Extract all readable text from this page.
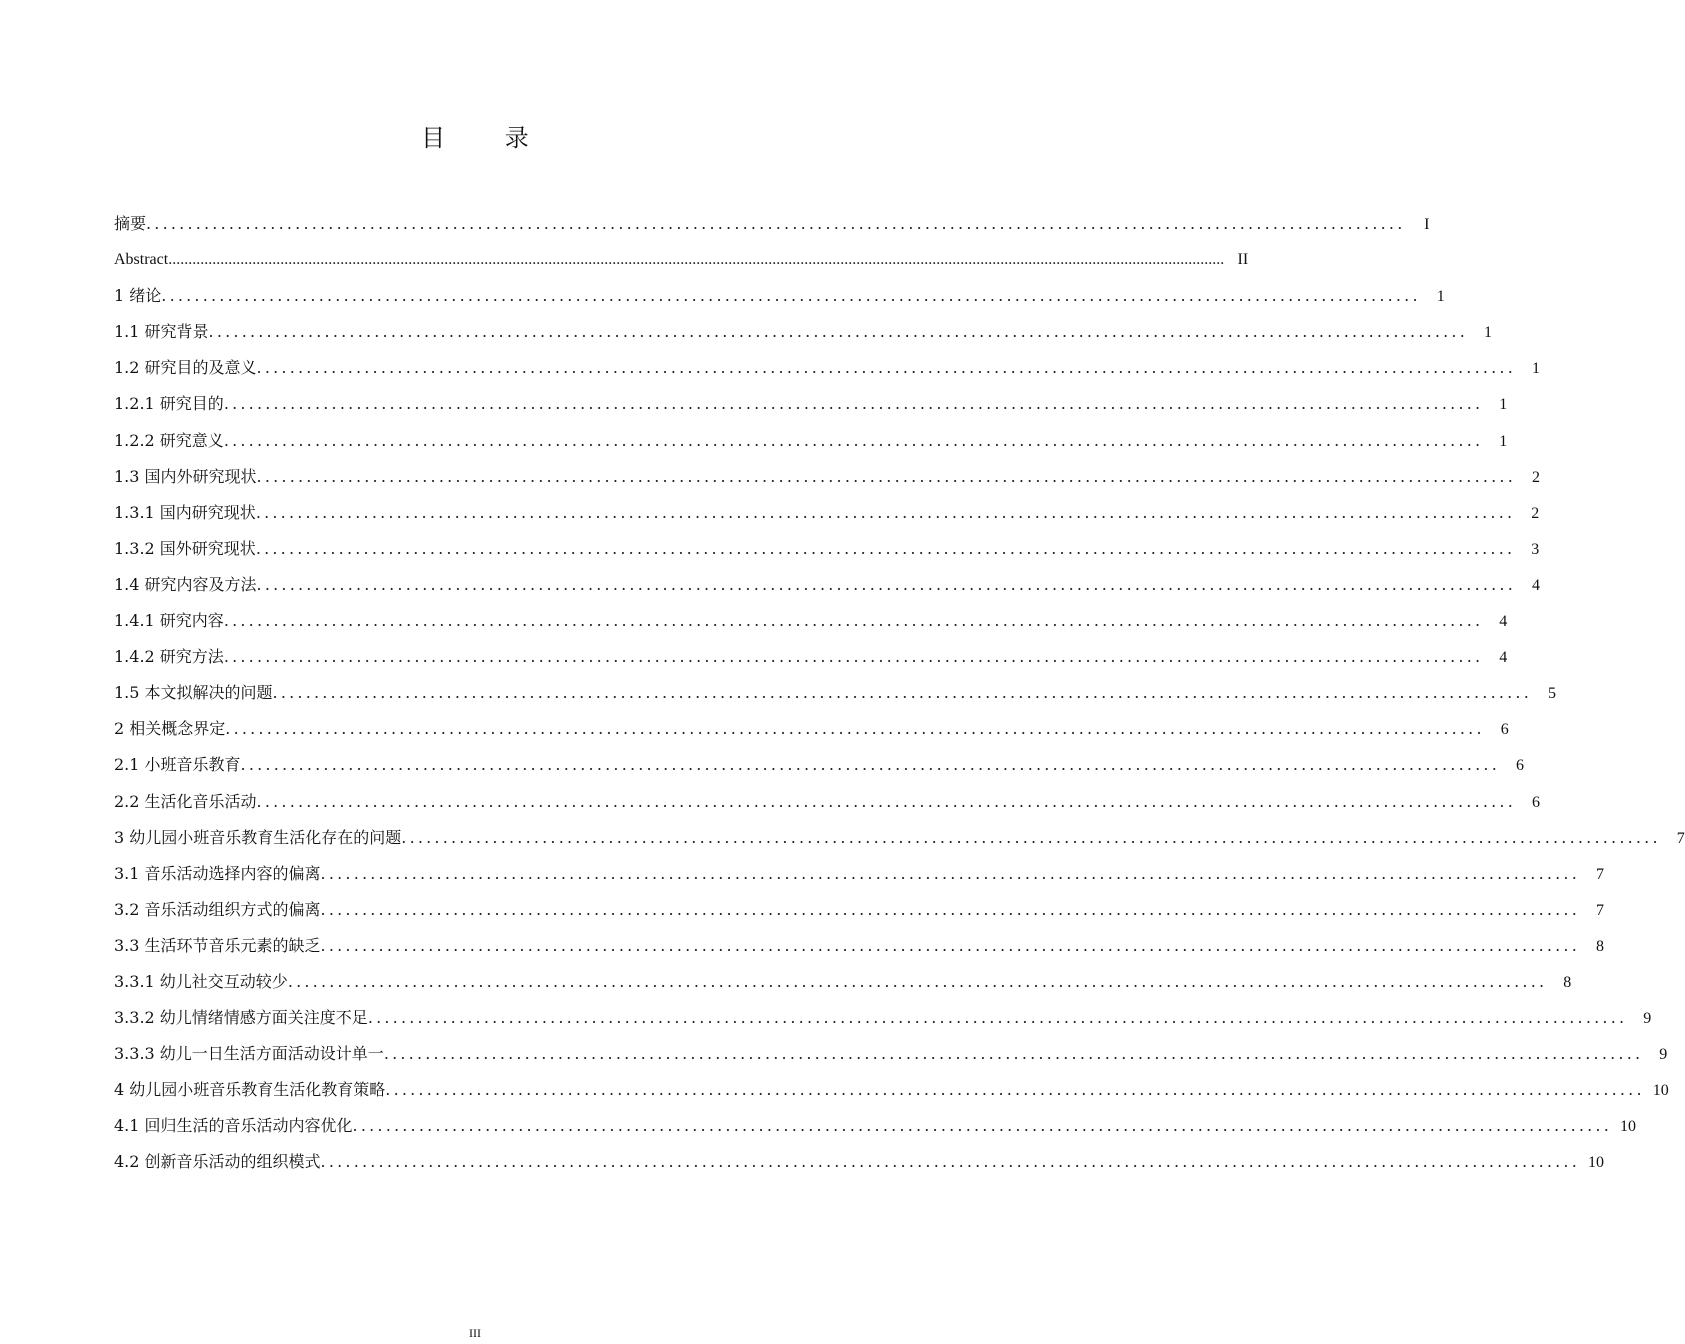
目 录
摘要 ........................................................................................................................................................	I
Abstract ........................................................................................................................................................................................................................................................................ II
1 绪论 ........................................................................................................................................................	1
1.1 研究背景 ........................................................................................................................................................	1
1.2 研究目的及意义 ........................................................................................................................................................	1
1.2.1 研究目的 ........................................................................................................................................................	1
1.2.2 研究意义 ........................................................................................................................................................	1
1.3 国内外研究现状 ........................................................................................................................................................	2
1.3.1 国内研究现状 ........................................................................................................................................................	2
1.3.2 国外研究现状 ........................................................................................................................................................	3
1.4 研究内容及方法 ........................................................................................................................................................	4
1.4.1 研究内容 ........................................................................................................................................................	4
1.4.2 研究方法 ........................................................................................................................................................	4
1.5 本文拟解决的问题 ........................................................................................................................................................	5
2 相关概念界定 ........................................................................................................................................................	6
2.1 小班音乐教育 ........................................................................................................................................................	6
2.2 生活化音乐活动 ........................................................................................................................................................	6
3 幼儿园小班音乐教育生活化存在的问题 ........................................................................................................................................................	7
3.1 音乐活动选择内容的偏离 ........................................................................................................................................................	7
3.2 音乐活动组织方式的偏离 ........................................................................................................................................................	7
3.3 生活环节音乐元素的缺乏 ........................................................................................................................................................	8
3.3.1 幼儿社交互动较少 ........................................................................................................................................................	8
3.3.2 幼儿情绪情感方面关注度不足 ........................................................................................................................................................	9
3.3.3 幼儿一日生活方面活动设计单一 ........................................................................................................................................................	9
4 幼儿园小班音乐教育生活化教育策略 ........................................................................................................................................................ 10
4.1 回归生活的音乐活动内容优化 ........................................................................................................................................................ 10
4.2 创新音乐活动的组织模式 ........................................................................................................................................................ 10
III
